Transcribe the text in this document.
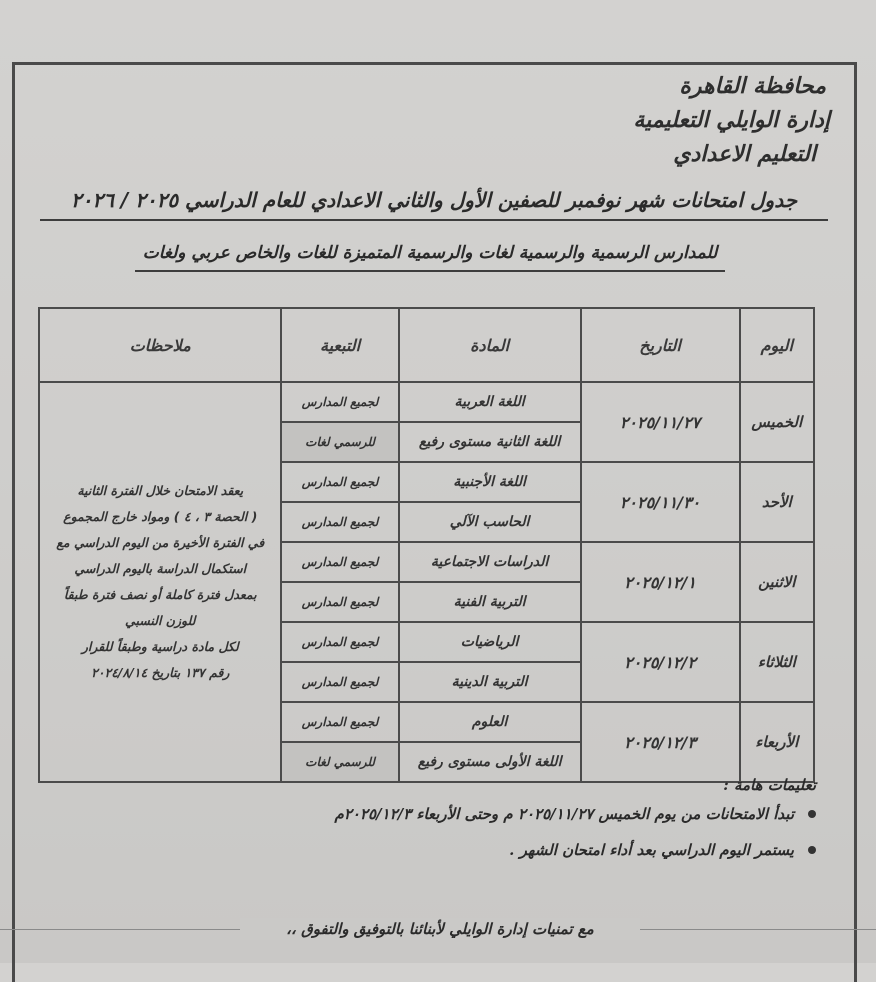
محافظة القاهرة
إدارة الوايلي التعليمية
التعليم الاعدادي
جدول امتحانات شهر نوفمبر للصفين الأول والثاني الاعدادي للعام الدراسي ٢٠٢٥ / ٢٠٢٦
للمدارس الرسمية والرسمية لغات والرسمية المتميزة للغات والخاص عربي ولغات
اليوم	التاريخ	المادة	التبعية	ملاحظات
الخميس	٢٠٢٥/١١/٢٧	اللغة العربية	لجميع المدارس	
يعقد الامتحان خلال الفترة الثانية
( الحصة ٣ ، ٤ ) ومواد خارج المجموع
في الفترة الأخيرة من اليوم الدراسي مع
استكمال الدراسة باليوم الدراسي
بمعدل فترة كاملة أو نصف فترة طبقاً
للوزن النسبي
لكل مادة دراسية وطبقاً للقرار
رقم ١٣٧ بتاريخ ٢٠٢٤/٨/١٤

		اللغة الثانية مستوى رفيع	للرسمي لغات	
الأحد	٢٠٢٥/١١/٣٠	اللغة الأجنبية	لجميع المدارس	
		الحاسب الآلي	لجميع المدارس	
الاثنين	٢٠٢٥/١٢/١	الدراسات الاجتماعية	لجميع المدارس	
		التربية الفنية	لجميع المدارس	
الثلاثاء	٢٠٢٥/١٢/٢	الرياضيات	لجميع المدارس	
		التربية الدينية	لجميع المدارس	
الأربعاء	٢٠٢٥/١٢/٣	العلوم	لجميع المدارس	
		اللغة الأولى مستوى رفيع	للرسمي لغات	
تعليمات هامة :
تبدأ الامتحانات من يوم الخميس ٢٠٢٥/١١/٢٧ م وحتى الأربعاء ٢٠٢٥/١٢/٣م
يستمر اليوم الدراسي بعد أداء امتحان الشهر .
مع تمنيات إدارة الوايلي لأبنائنا بالتوفيق والتفوق ،،
